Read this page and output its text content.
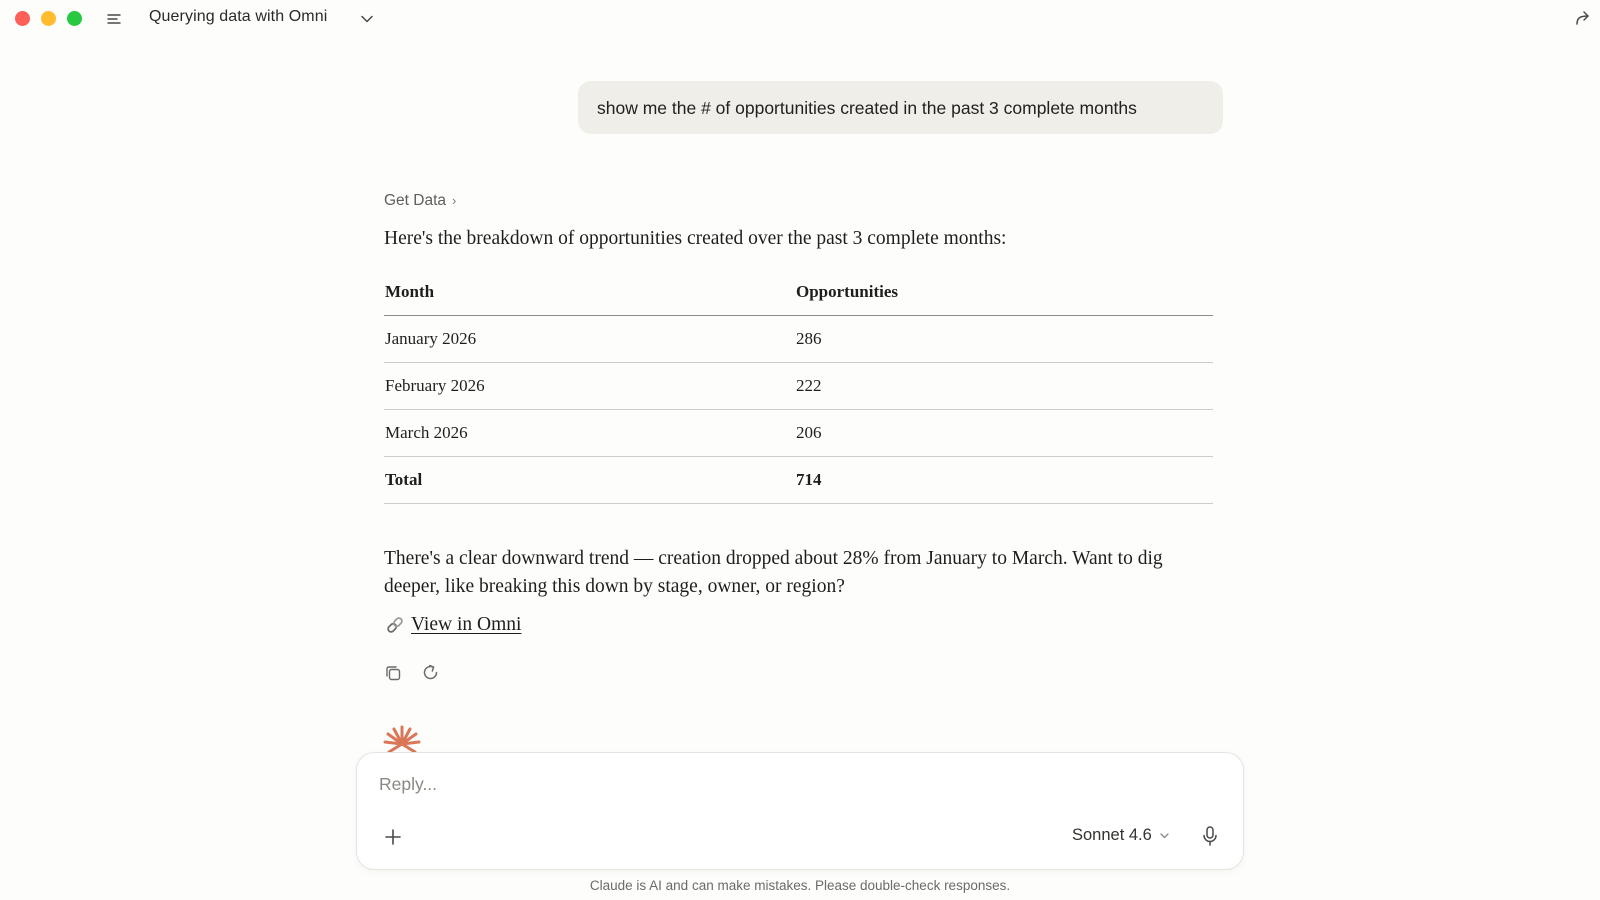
Querying data with Omni
show me the # of opportunities created in the past 3 complete months
Get Data ›
Here's the breakdown of opportunities created over the past 3 complete months:
Month	Opportunities
January 2026	286
February 2026	222
March 2026	206
Total	714
There's a clear downward trend — creation dropped about 28% from January to March. Want to dig deeper, like breaking this down by stage, owner, or region?
View in Omni
Reply...
Sonnet 4.6
Claude is AI and can make mistakes. Please double-check responses.
